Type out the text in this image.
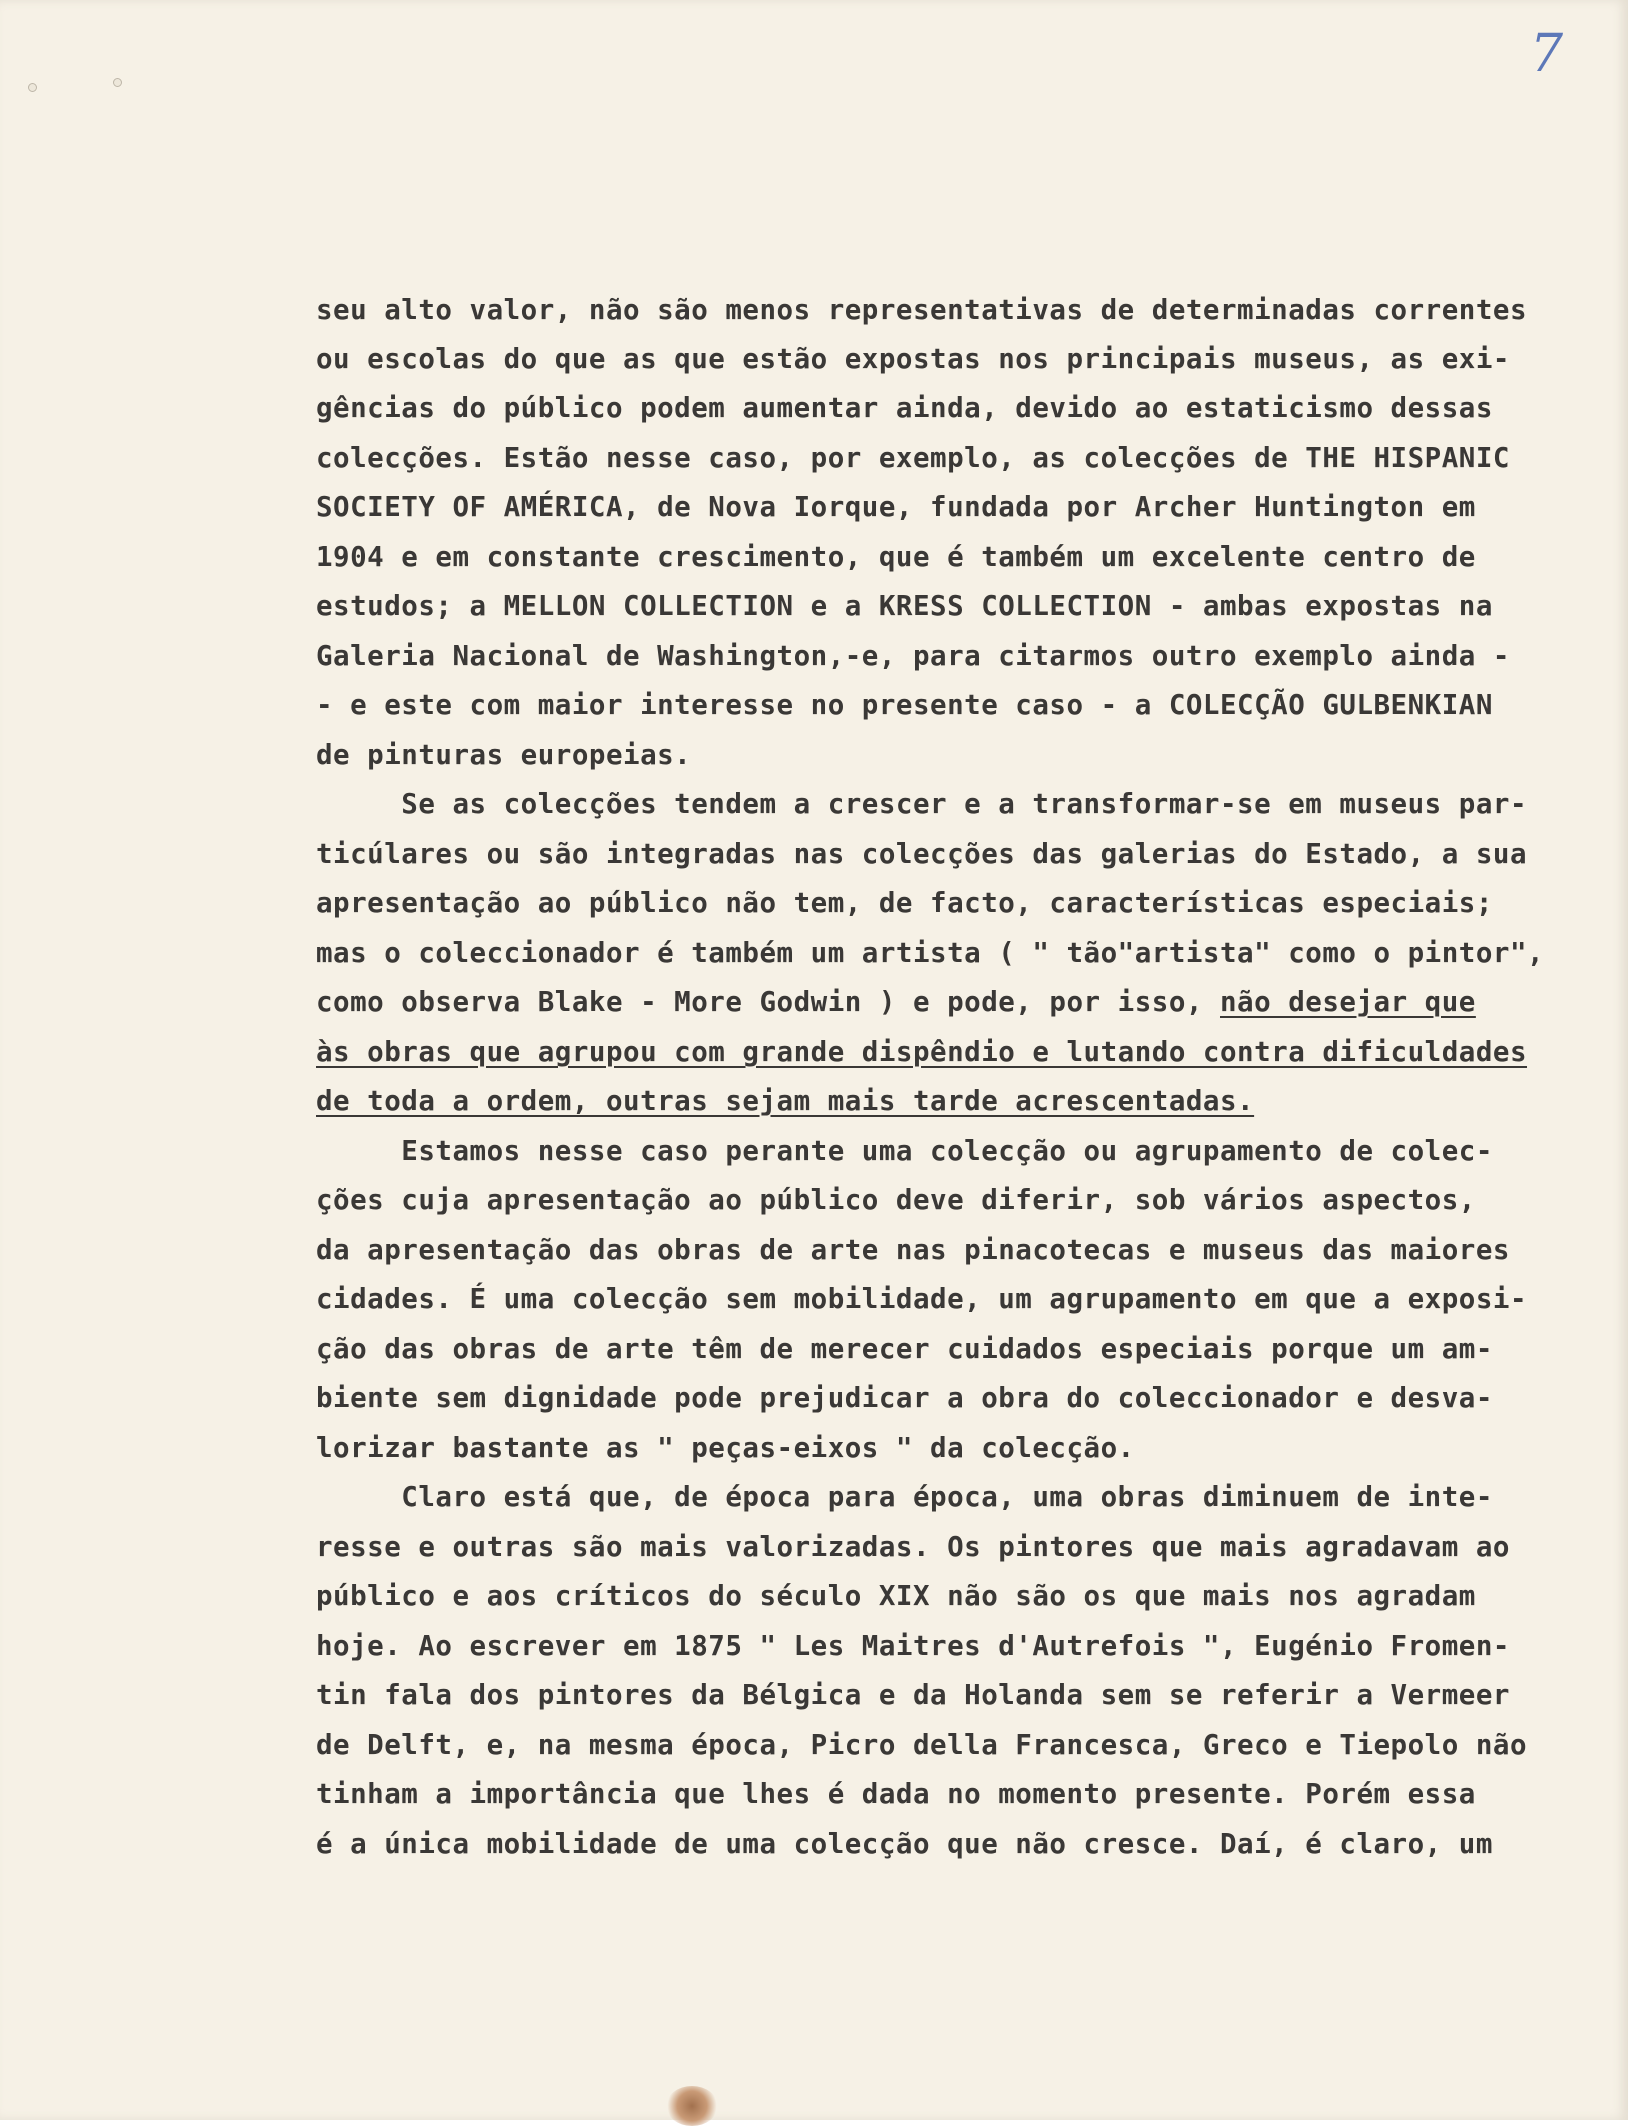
7
seu alto valor, não são menos representativas de determinadas correntes
ou escolas do que as que estão expostas nos principais museus, as exi-
gências do público podem aumentar ainda, devido ao estaticismo dessas
colecções. Estão nesse caso, por exemplo, as colecções de THE HISPANIC
SOCIETY OF AMÉRICA, de Nova Iorque, fundada por Archer Huntington em
1904 e em constante crescimento, que é também um excelente centro de
estudos; a MELLON COLLECTION e a KRESS COLLECTION - ambas expostas na
Galeria Nacional de Washington,-e, para citarmos outro exemplo ainda -
- e este com maior interesse no presente caso - a COLECÇÃO GULBENKIAN
de pinturas europeias.
Se as colecções tendem a crescer e a transformar-se em museus par-
ticúlares ou são integradas nas colecções das galerias do Estado, a sua
apresentação ao público não tem, de facto, características especiais;
mas o coleccionador é também um artista ( " tão"artista" como o pintor",
como observa Blake - More Godwin ) e pode, por isso, não desejar que
às obras que agrupou com grande dispêndio e lutando contra dificuldades
de toda a ordem, outras sejam mais tarde acrescentadas.
Estamos nesse caso perante uma colecção ou agrupamento de colec-
ções cuja apresentação ao público deve diferir, sob vários aspectos,
da apresentação das obras de arte nas pinacotecas e museus das maiores
cidades. É uma colecção sem mobilidade, um agrupamento em que a exposi-
ção das obras de arte têm de merecer cuidados especiais porque um am-
biente sem dignidade pode prejudicar a obra do coleccionador e desva-
lorizar bastante as " peças-eixos " da colecção.
Claro está que, de época para época, uma obras diminuem de inte-
resse e outras são mais valorizadas. Os pintores que mais agradavam ao
público e aos críticos do século XIX não são os que mais nos agradam
hoje. Ao escrever em 1875 " Les Maitres d'Autrefois ", Eugénio Fromen-
tin fala dos pintores da Bélgica e da Holanda sem se referir a Vermeer
de Delft, e, na mesma época, Picro della Francesca, Greco e Tiepolo não
tinham a importância que lhes é dada no momento presente. Porém essa
é a única mobilidade de uma colecção que não cresce. Daí, é claro, um
